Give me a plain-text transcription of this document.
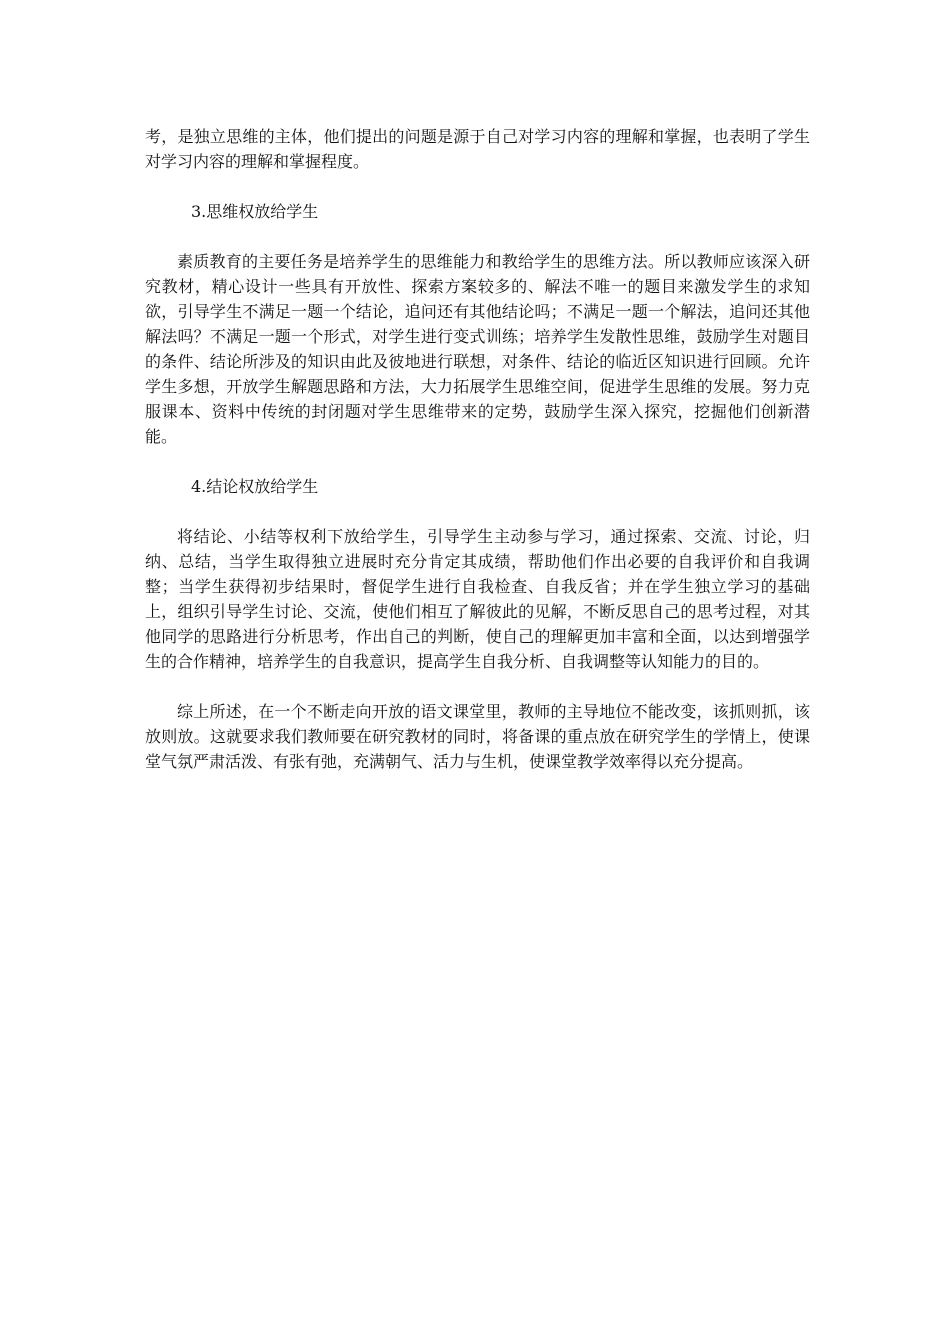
考，是独立思维的主体，他们提出的问题是源于自己对学习内容的理解和掌握，也表明了学生对学习内容的理解和掌握程度。

3.思维权放给学生

素质教育的主要任务是培养学生的思维能力和教给学生的思维方法。所以教师应该深入研究教材，精心设计一些具有开放性、探索方案较多的、解法不唯一的题目来激发学生的求知欲，引导学生不满足一题一个结论，追问还有其他结论吗；不满足一题一个解法，追问还其他解法吗？不满足一题一个形式，对学生进行变式训练；培养学生发散性思维，鼓励学生对题目的条件、结论所涉及的知识由此及彼地进行联想，对条件、结论的临近区知识进行回顾。允许学生多想，开放学生解题思路和方法，大力拓展学生思维空间，促进学生思维的发展。努力克服课本、资料中传统的封闭题对学生思维带来的定势，鼓励学生深入探究，挖掘他们创新潜能。

4.结论权放给学生

将结论、小结等权利下放给学生，引导学生主动参与学习，通过探索、交流、讨论，归纳、总结，当学生取得独立进展时充分肯定其成绩，帮助他们作出必要的自我评价和自我调整；当学生获得初步结果时，督促学生进行自我检查、自我反省；并在学生独立学习的基础上，组织引导学生讨论、交流，使他们相互了解彼此的见解，不断反思自己的思考过程，对其他同学的思路进行分析思考，作出自己的判断，使自己的理解更加丰富和全面，以达到增强学生的合作精神，培养学生的自我意识，提高学生自我分析、自我调整等认知能力的目的。

综上所述，在一个不断走向开放的语文课堂里，教师的主导地位不能改变，该抓则抓，该放则放。这就要求我们教师要在研究教材的同时，将备课的重点放在研究学生的学情上，使课堂气氛严肃活泼、有张有弛，充满朝气、活力与生机，使课堂教学效率得以充分提高。
